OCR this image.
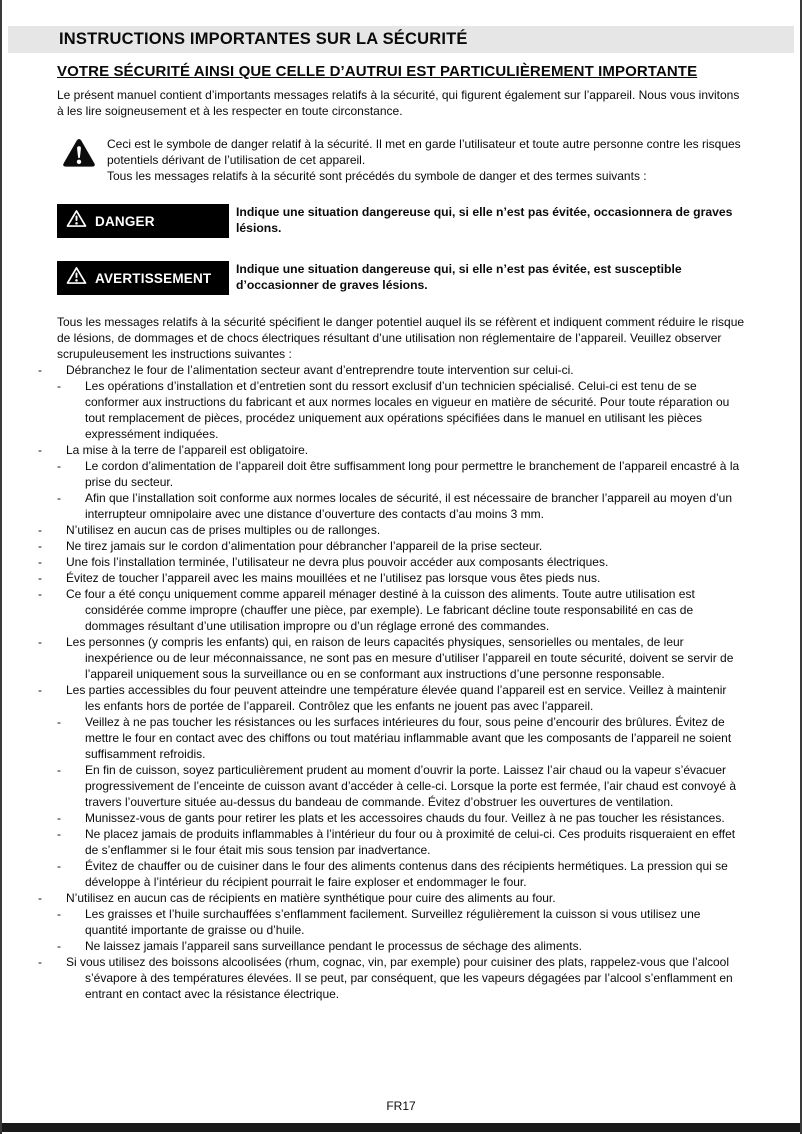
INSTRUCTIONS IMPORTANTES SUR LA SÉCURITÉ
VOTRE SÉCURITÉ AINSI QUE CELLE D’AUTRUI EST PARTICULIÈREMENT IMPORTANTE
Le présent manuel contient d’importants messages relatifs à la sécurité, qui figurent également sur l’appareil. Nous vous invitons à les lire soigneusement et à les respecter en toute circonstance.
Ceci est le symbole de danger relatif à la sécurité. Il met en garde l’utilisateur et toute autre personne contre les risques potentiels dérivant de l’utilisation de cet appareil.
Tous les messages relatifs à la sécurité sont précédés du symbole de danger et des termes suivants :
DANGER
Indique une situation dangereuse qui, si elle n’est pas évitée, occasionnera de graves lésions.
AVERTISSEMENT
Indique une situation dangereuse qui, si elle n’est pas évitée, est susceptible d’occasionner de graves lésions.
Tous les messages relatifs à la sécurité spécifient le danger potentiel auquel ils se réfèrent et indiquent comment réduire le risque de lésions, de dommages et de chocs électriques résultant d’une utilisation non réglementaire de l’appareil. Veuillez observer scrupuleusement les instructions suivantes :
-	Débranchez le four de l’alimentation secteur avant d’entreprendre toute intervention sur celui-ci.
- Les opérations d’installation et d’entretien sont du ressort exclusif d’un technicien spécialisé. Celui-ci est tenu de se conformer aux instructions du fabricant et aux normes locales en vigueur en matière de sécurité. Pour toute réparation ou tout remplacement de pièces, procédez uniquement aux opérations spécifiées dans le manuel en utilisant les pièces expressément indiquées.
-	La mise à la terre de l’appareil est obligatoire.
- Le cordon d’alimentation de l’appareil doit être suffisamment long pour permettre le branchement de l’appareil encastré à la prise du secteur.
- Afin que l’installation soit conforme aux normes locales de sécurité, il est nécessaire de brancher l’appareil au moyen d’un interrupteur omnipolaire avec une distance d’ouverture des contacts d’au moins 3 mm.
-	N’utilisez en aucun cas de prises multiples ou de rallonges.
-	Ne tirez jamais sur le cordon d’alimentation pour débrancher l’appareil de la prise secteur.
-	Une fois l’installation terminée, l’utilisateur ne devra plus pouvoir accéder aux composants électriques.
-	Évitez de toucher l’appareil avec les mains mouillées et ne l’utilisez pas lorsque vous êtes pieds nus.
-	Ce four a été conçu uniquement comme appareil ménager destiné à la cuisson des aliments. Toute autre utilisation est considérée comme impropre (chauffer une pièce, par exemple). Le fabricant décline toute responsabilité en cas de dommages résultant d’une utilisation impropre ou d’un réglage erroné des commandes.
-	Les personnes (y compris les enfants) qui, en raison de leurs capacités physiques, sensorielles ou mentales, de leur inexpérience ou de leur méconnaissance, ne sont pas en mesure d’utiliser l’appareil en toute sécurité, doivent se servir de l’appareil uniquement sous la surveillance ou en se conformant aux instructions d’une personne responsable.
-	Les parties accessibles du four peuvent atteindre une température élevée quand l’appareil est en service. Veillez à maintenir les enfants hors de portée de l’appareil. Contrôlez que les enfants ne jouent pas avec l’appareil.
- Veillez à ne pas toucher les résistances ou les surfaces intérieures du four, sous peine d’encourir des brûlures. Évitez de mettre le four en contact avec des chiffons ou tout matériau inflammable avant que les composants de l’appareil ne soient suffisamment refroidis.
- En fin de cuisson, soyez particulièrement prudent au moment d’ouvrir la porte. Laissez l’air chaud ou la vapeur s’évacuer progressivement de l’enceinte de cuisson avant d’accéder à celle-ci. Lorsque la porte est fermée, l’air chaud est convoyé à travers l’ouverture située au-dessus du bandeau de commande. Évitez d’obstruer les ouvertures de ventilation.
- Munissez-vous de gants pour retirer les plats et les accessoires chauds du four. Veillez à ne pas toucher les résistances.
- Ne placez jamais de produits inflammables à l’intérieur du four ou à proximité de celui-ci. Ces produits risqueraient en effet de s’enflammer si le four était mis sous tension par inadvertance.
- Évitez de chauffer ou de cuisiner dans le four des aliments contenus dans des récipients hermétiques. La pression qui se développe à l’intérieur du récipient pourrait le faire exploser et endommager le four.
-	N’utilisez en aucun cas de récipients en matière synthétique pour cuire des aliments au four.
- Les graisses et l’huile surchauffées s’enflamment facilement. Surveillez régulièrement la cuisson si vous utilisez une quantité importante de graisse ou d’huile.
- Ne laissez jamais l’appareil sans surveillance pendant le processus de séchage des aliments.
-	Si vous utilisez des boissons alcoolisées (rhum, cognac, vin, par exemple) pour cuisiner des plats, rappelez-vous que l’alcool s’évapore à des températures élevées. Il se peut, par conséquent, que les vapeurs dégagées par l’alcool s’enflamment en entrant en contact avec la résistance électrique.
FR17
